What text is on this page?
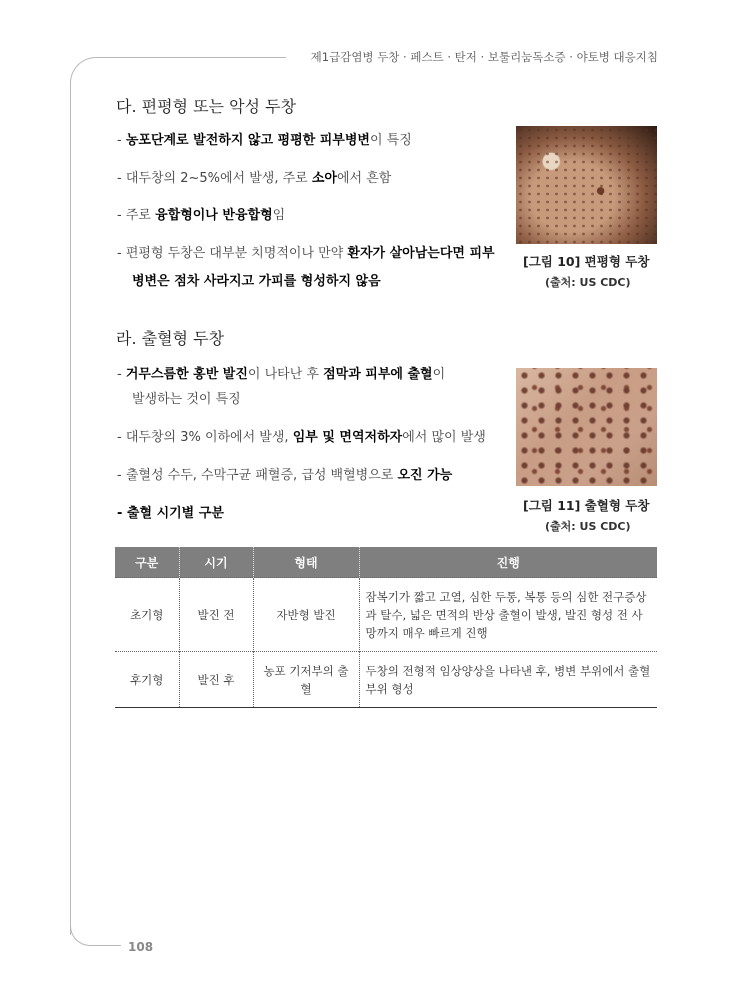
제1급감염병 두창 · 페스트 · 탄저 · 보툴리눔독소증 · 야토병 대응지침
108
다. 편평형 또는 악성 두창
- 농포단계로 발전하지 않고 평평한 피부병변이 특징
- 대두창의 2~5%에서 발생, 주로 소아에서 흔함
- 주로 융합형이나 반융합형임
- 편평형 두창은 대부분 치명적이나 만약 환자가 살아남는다면 피부
병변은 점차 사라지고 가피를 형성하지 않음
[그림 10] 편평형 두창
(출처: US CDC)
라. 출혈형 두창
- 거무스름한 홍반 발진이 나타난 후 점막과 피부에 출혈이
발생하는 것이 특징
- 대두창의 3% 이하에서 발생, 임부 및 면역저하자에서 많이 발생
- 출혈성 수두, 수막구균 패혈증, 급성 백혈병으로 오진 가능
- 출혈 시기별 구분
[그림 11] 출혈형 두창
(출처: US CDC)
구분	시기	형태	진행
초기형	발진 전	자반형 발진	잠복기가 짧고 고열, 심한 두통, 복통 등의 심한 전구증상과 탈수, 넓은 면적의 반상 출혈이 발생, 발진 형성 전 사망까지 매우 빠르게 진행
후기형	발진 후	농포 기저부의 출혈	두창의 전형적 임상양상을 나타낸 후, 병변 부위에서 출혈 부위 형성
